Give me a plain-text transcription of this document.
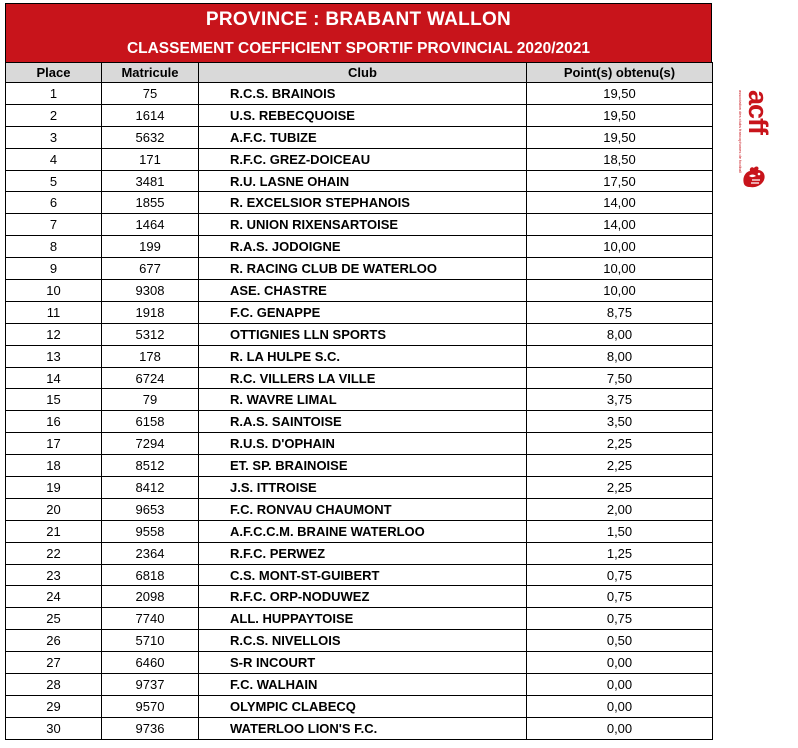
PROVINCE : BRABANT WALLON
CLASSEMENT COEFFICIENT SPORTIF PROVINCIAL 2020/2021
Place	Matricule	Club	Point(s) obtenu(s)
1	75	R.C.S. BRAINOIS	19,50
2	1614	U.S. REBECQUOISE	19,50
3	5632	A.F.C. TUBIZE	19,50
4	171	R.F.C. GREZ-DOICEAU	18,50
5	3481	R.U. LASNE OHAIN	17,50
6	1855	R. EXCELSIOR STEPHANOIS	14,00
7	1464	R. UNION RIXENSARTOISE	14,00
8	199	R.A.S. JODOIGNE	10,00
9	677	R. RACING CLUB DE WATERLOO	10,00
10	9308	ASE. CHASTRE	10,00
11	1918	F.C. GENAPPE	8,75
12	5312	OTTIGNIES LLN SPORTS	8,00
13	178	R. LA HULPE S.C.	8,00
14	6724	R.C. VILLERS LA VILLE	7,50
15	79	R. WAVRE LIMAL	3,75
16	6158	R.A.S. SAINTOISE	3,50
17	7294	R.U.S. D'OPHAIN	2,25
18	8512	ET. SP. BRAINOISE	2,25
19	8412	J.S. ITTROISE	2,25
20	9653	F.C. RONVAU CHAUMONT	2,00
21	9558	A.F.C.C.M. BRAINE WATERLOO	1,50
22	2364	R.F.C. PERWEZ	1,25
23	6818	C.S. MONT-ST-GUIBERT	0,75
24	2098	R.F.C. ORP-NODUWEZ	0,75
25	7740	ALL. HUPPAYTOISE	0,75
26	5710	R.C.S. NIVELLOIS	0,50
27	6460	S-R INCOURT	0,00
28	9737	F.C. WALHAIN	0,00
29	9570	OLYMPIC CLABECQ	0,00
30	9736	WATERLOO LION'S F.C.	0,00
acff
association des clubs francophones de football
